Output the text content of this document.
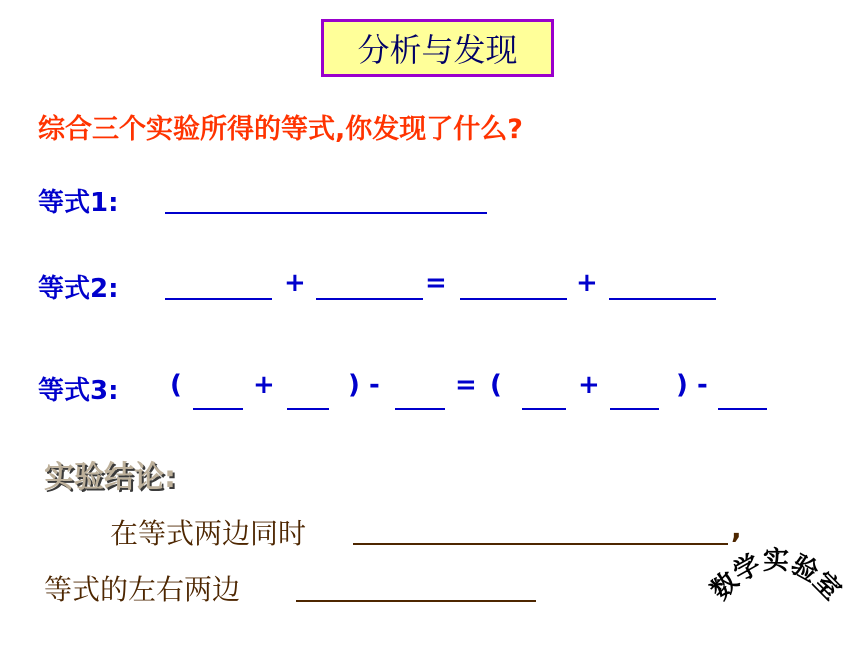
分析与发现
综合三个实验所得的等式,你发现了什么?
等式1:
等式2:	+	=	+
等式3: (	+	) -	= (	+	) -
实验结论:
在等式两边同时	,
等式的左右两边	数学实验室
